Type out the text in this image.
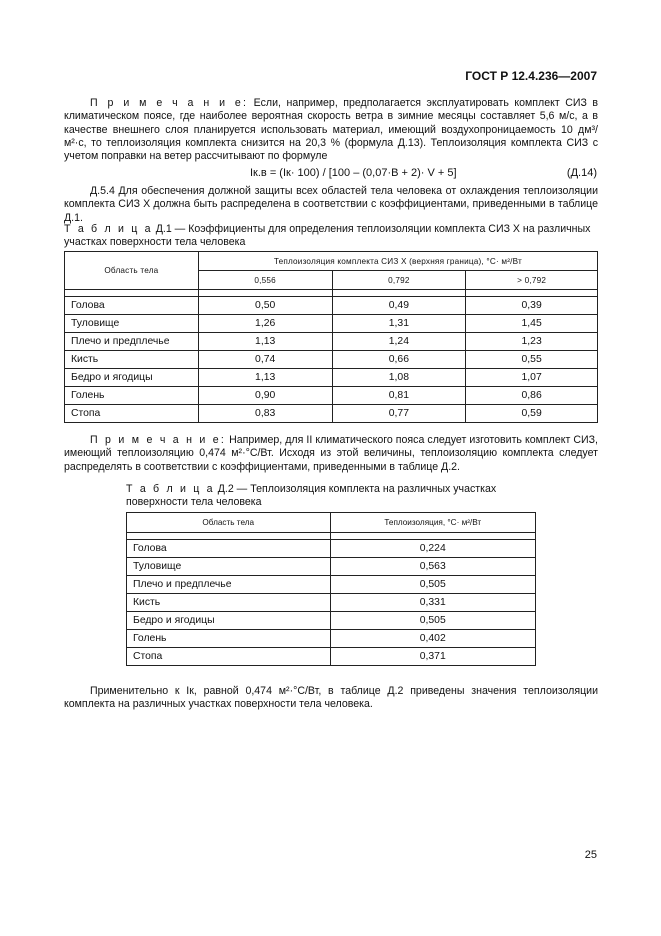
ГОСТ Р 12.4.236—2007
П р и м е ч а н и е: Если, например, предполагается эксплуатировать комплект СИЗ в климатическом поясе, где наиболее вероятная скорость ветра в зимние месяцы составляет 5,6 м/с, а в качестве внешнего слоя планируется использовать материал, имеющий воздухопроницаемость 10 дм³/м²·с, то теплоизоляция комплекта снизится на 20,3 % (формула Д.13). Теплоизоляция комплекта СИЗ с учетом поправки на ветер рассчитывают по формуле
Iк.в = (Iк· 100) / [100 – (0,07·В + 2)· V + 5]	(Д.14)
Д.5.4 Для обеспечения должной защиты всех областей тела человека от охлаждения теплоизоляции комплекта СИЗ X должна быть распределена в соответствии с коэффициентами, приведенными в таблице Д.1.
Т а б л и ц а Д.1 — Коэффициенты для определения теплоизоляции комплекта СИЗ X на различных участках поверхности тела человека
Область тела	Теплоизоляция комплекта СИЗ X (верхняя граница), °С· м²/Вт		
	0,556	0,792	> 0,792

Голова	0,50	0,49	0,39
Туловище	1,26	1,31	1,45
Плечо и предплечье	1,13	1,24	1,23
Кисть	0,74	0,66	0,55
Бедро и ягодицы	1,13	1,08	1,07
Голень	0,90	0,81	0,86
Стопа	0,83	0,77	0,59
П р и м е ч а н и е: Например, для II климатического пояса следует изготовить комплект СИЗ, имеющий теплоизоляцию 0,474 м²·°С/Вт. Исходя из этой величины, теплоизоляцию комплекта следует распределять в соответствии с коэффициентами, приведенными в таблице Д.2.
Т а б л и ц а Д.2 — Теплоизоляция комплекта на различных участках поверхности тела человека
Область тела	Теплоизоляция, °С· м²/Вт

Голова	0,224
Туловище	0,563
Плечо и предплечье	0,505
Кисть	0,331
Бедро и ягодицы	0,505
Голень	0,402
Стопа	0,371
Применительно к Iк, равной 0,474 м²·°С/Вт, в таблице Д.2 приведены значения теплоизоляции комплекта на различных участках поверхности тела человека.
25
